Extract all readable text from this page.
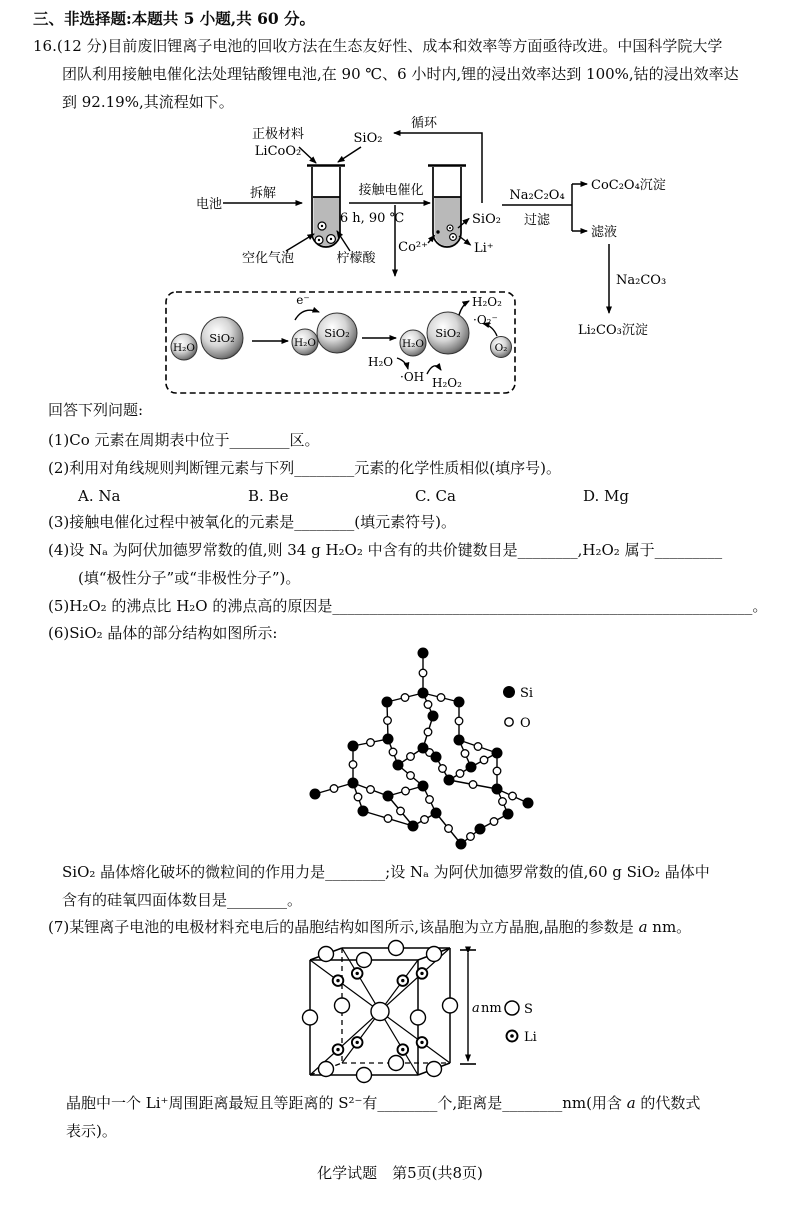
三、非选择题:本题共 5 小题,共 60 分。
16.(12 分)目前废旧锂离子电池的回收方法在生态友好性、成本和效率等方面亟待改进。中国科学院大学
团队利用接触电催化法处理钴酸锂电池,在 90 ℃、6 小时内,锂的浸出效率达到 100%,钴的浸出效率达
到 92.19%,其流程如下。
回答下列问题:
(1)Co 元素在周期表中位于________区。
(2)利用对角线规则判断锂元素与下列________元素的化学性质相似(填序号)。
A. Na	B. Be	C. Ca	D. Mg
(3)接触电催化过程中被氧化的元素是________(填元素符号)。
(4)设 Nₐ 为阿伏加德罗常数的值,则 34 g H₂O₂ 中含有的共价键数目是________,H₂O₂ 属于_________
(填“极性分子”或“非极性分子”)。
(5)H₂O₂ 的沸点比 H₂O 的沸点高的原因是________________________________________________________。
(6)SiO₂ 晶体的部分结构如图所示:
SiO₂ 晶体熔化破坏的微粒间的作用力是________;设 Nₐ 为阿伏加德罗常数的值,60 g SiO₂ 晶体中
含有的硅氧四面体数目是________。
(7)某锂离子电池的电极材料充电后的晶胞结构如图所示,该晶胞为立方晶胞,晶胞的参数是 a nm。
晶胞中一个 Li⁺周围距离最短且等距离的 S²⁻有________个,距离是________nm(用含 a 的代数式
表示)。
化学试题　第5页(共8页)
正极材料
LiCoO₂
SiO₂
循环
电池
拆解
空化气泡	柠檬酸
接触电催化
6 h, 90 ℃
Co²⁺
SiO₂
Li⁺
Na₂C₂O₄
过滤
CoC₂O₄沉淀
滤液
Na₂CO₃
Li₂CO₃沉淀
H₂O
SiO₂	H₂O
SiO₂
e⁻
H₂O
SiO₂
O₂
H₂O₂
·O₂⁻
H₂O
·OH H₂O₂
Si
O
a nm S
Li
